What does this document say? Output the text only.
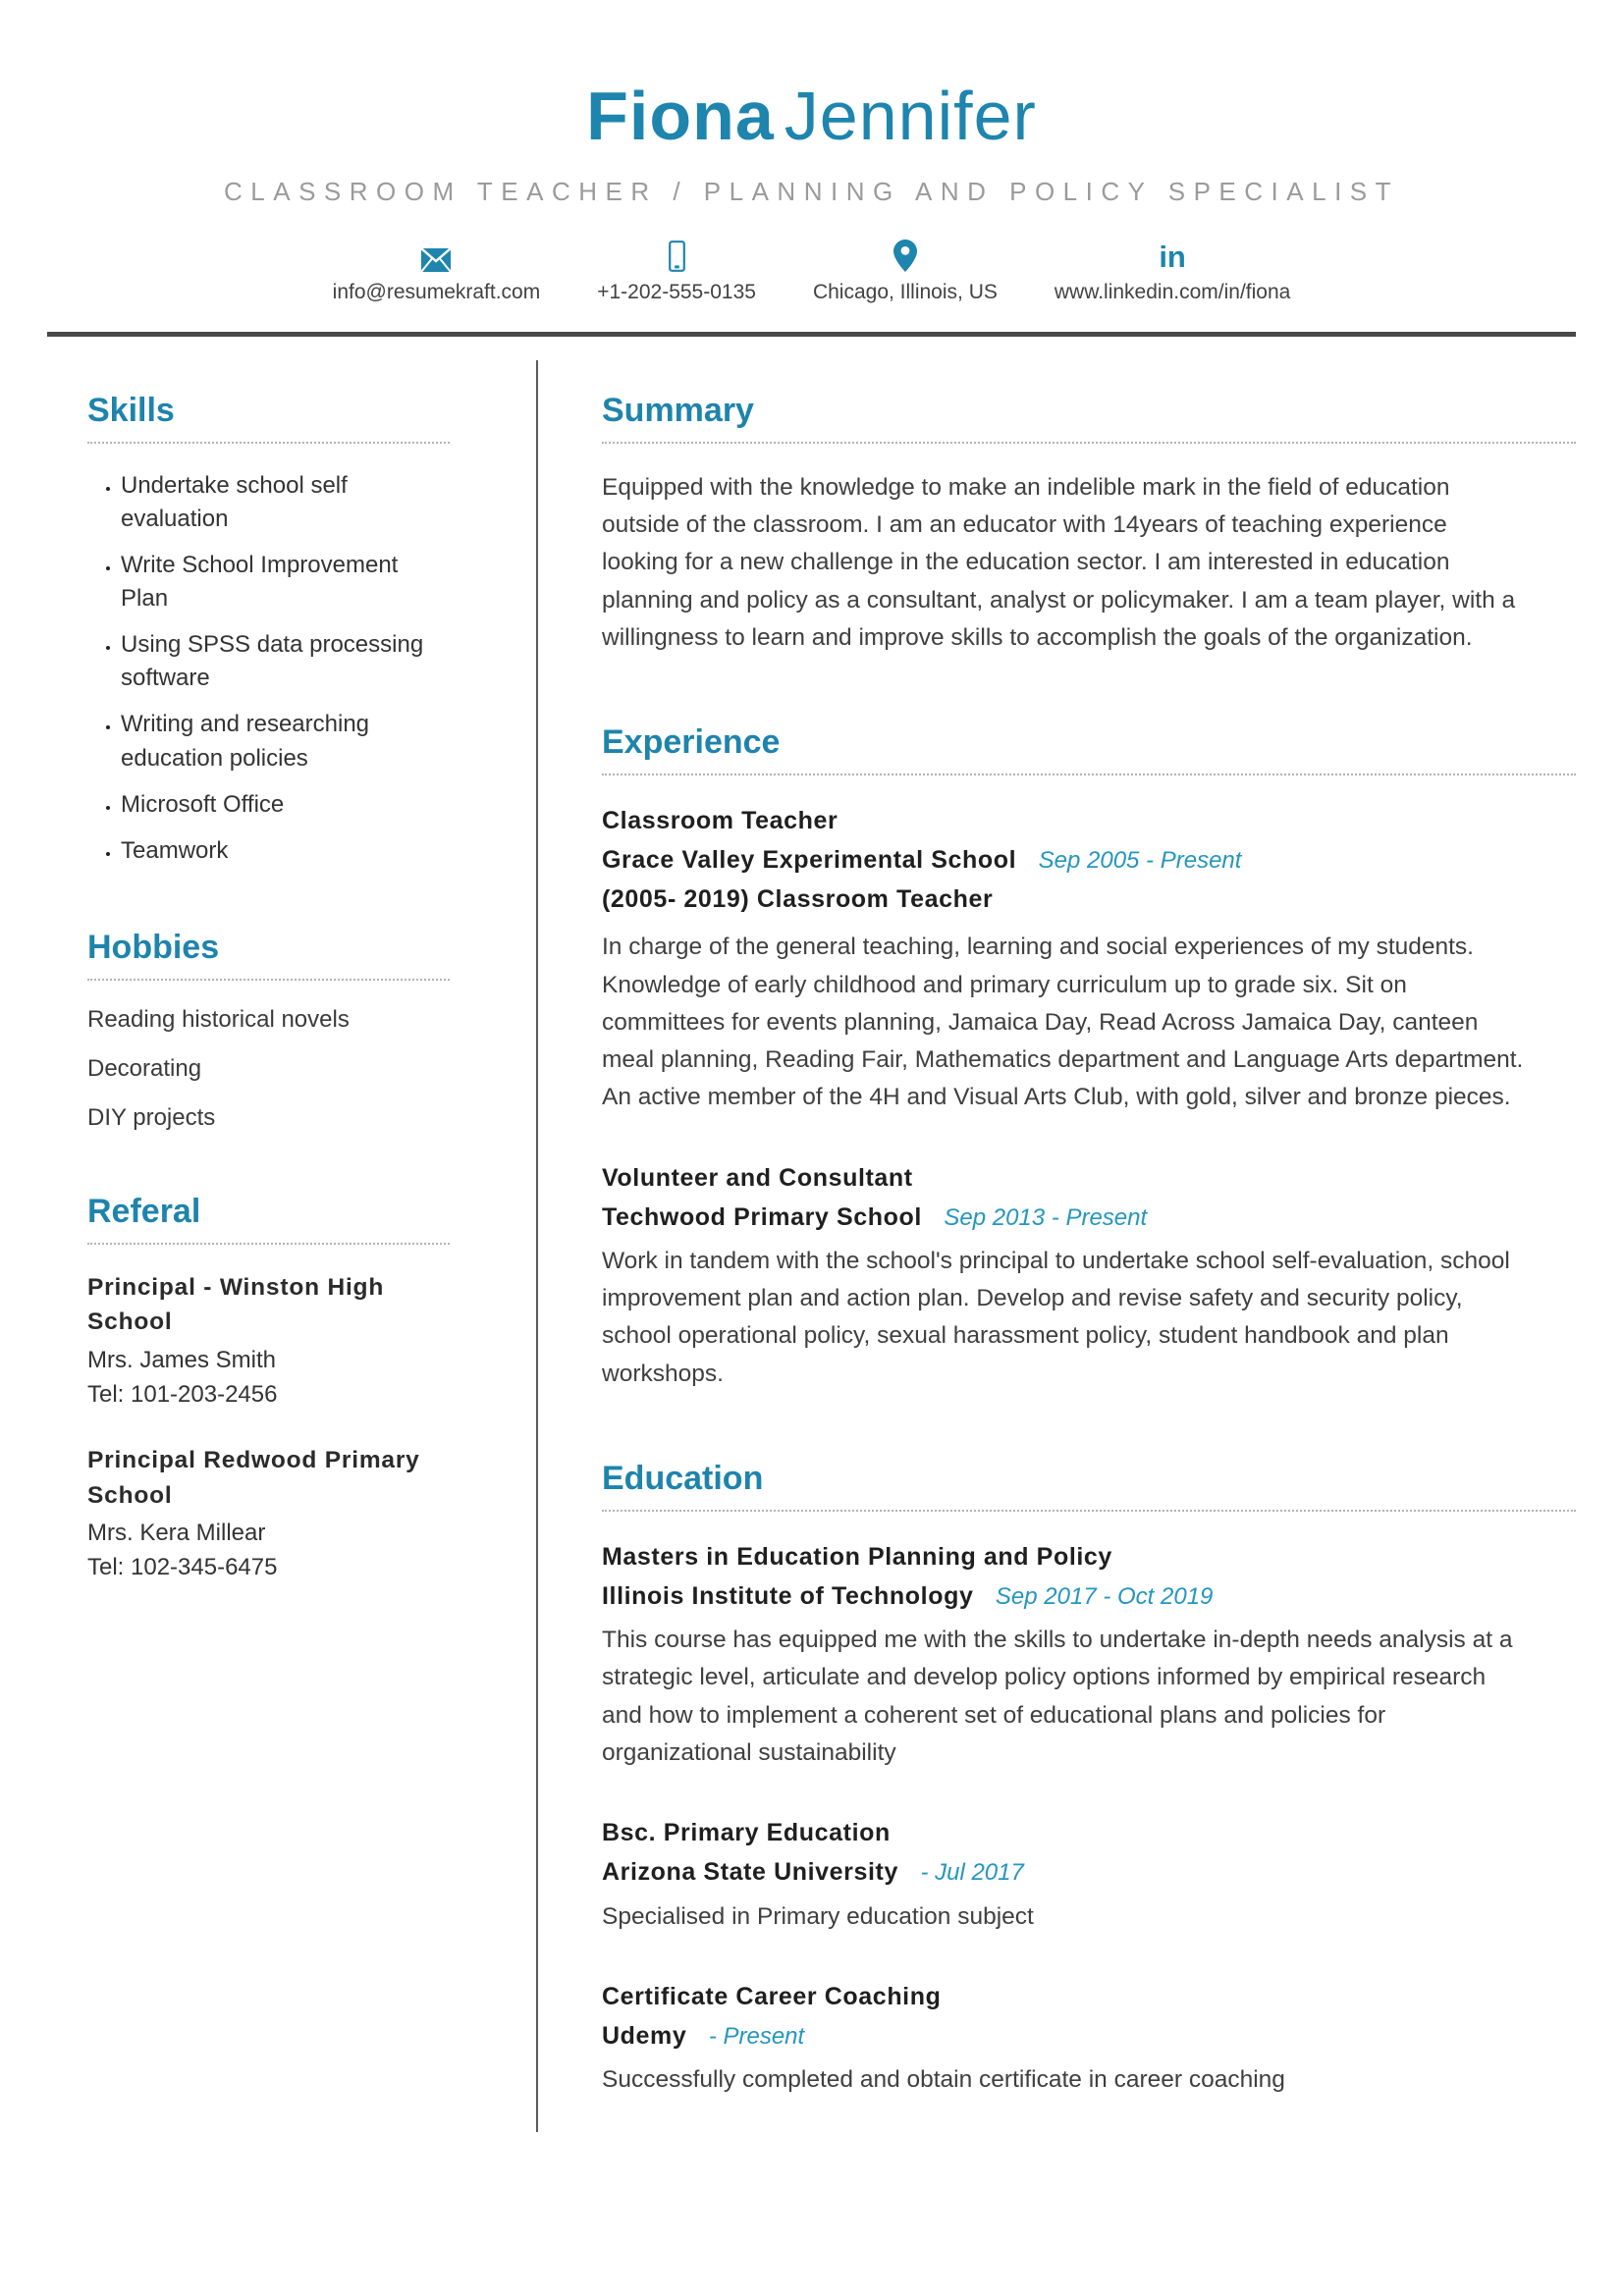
Fiona Jennifer
CLASSROOM TEACHER / PLANNING AND POLICY SPECIALIST
info@resumekraft.com	+1-202-555-0135	Chicago, Illinois, US
in
www.linkedin.com/in/fiona
Skills
• Undertake school self evaluation
• Write School Improvement Plan
• Using SPSS data processing software
• Writing and researching education policies
• Microsoft Office
• Teamwork
Hobbies
Reading historical novels
Decorating
DIY projects
Referal
Principal - Winston High School
Mrs. James Smith
Tel: 101-203-2456
Principal Redwood Primary School
Mrs. Kera Millear
Tel: 102-345-6475
Summary
Equipped with the knowledge to make an indelible mark in the field of education outside of the classroom. I am an educator with 14years of teaching experience looking for a new challenge in the education sector. I am interested in education planning and policy as a consultant, analyst or policymaker. I am a team player, with a willingness to learn and improve skills to accomplish the goals of the organization.
Experience
Classroom Teacher
Grace Valley Experimental School Sep 2005 - Present
(2005- 2019) Classroom Teacher
In charge of the general teaching, learning and social experiences of my students. Knowledge of early childhood and primary curriculum up to grade six. Sit on committees for events planning, Jamaica Day, Read Across Jamaica Day, canteen meal planning, Reading Fair, Mathematics department and Language Arts department. An active member of the 4H and Visual Arts Club, with gold, silver and bronze pieces.
Volunteer and Consultant
Techwood Primary School Sep 2013 - Present
Work in tandem with the school's principal to undertake school self-evaluation, school improvement plan and action plan. Develop and revise safety and security policy, school operational policy, sexual harassment policy, student handbook and plan workshops.
Education
Masters in Education Planning and Policy
Illinois Institute of Technology Sep 2017 - Oct 2019
This course has equipped me with the skills to undertake in-depth needs analysis at a strategic level, articulate and develop policy options informed by empirical research and how to implement a coherent set of educational plans and policies for organizational sustainability
Bsc. Primary Education
Arizona State University - Jul 2017
Specialised in Primary education subject
Certificate Career Coaching
Udemy - Present
Successfully completed and obtain certificate in career coaching
